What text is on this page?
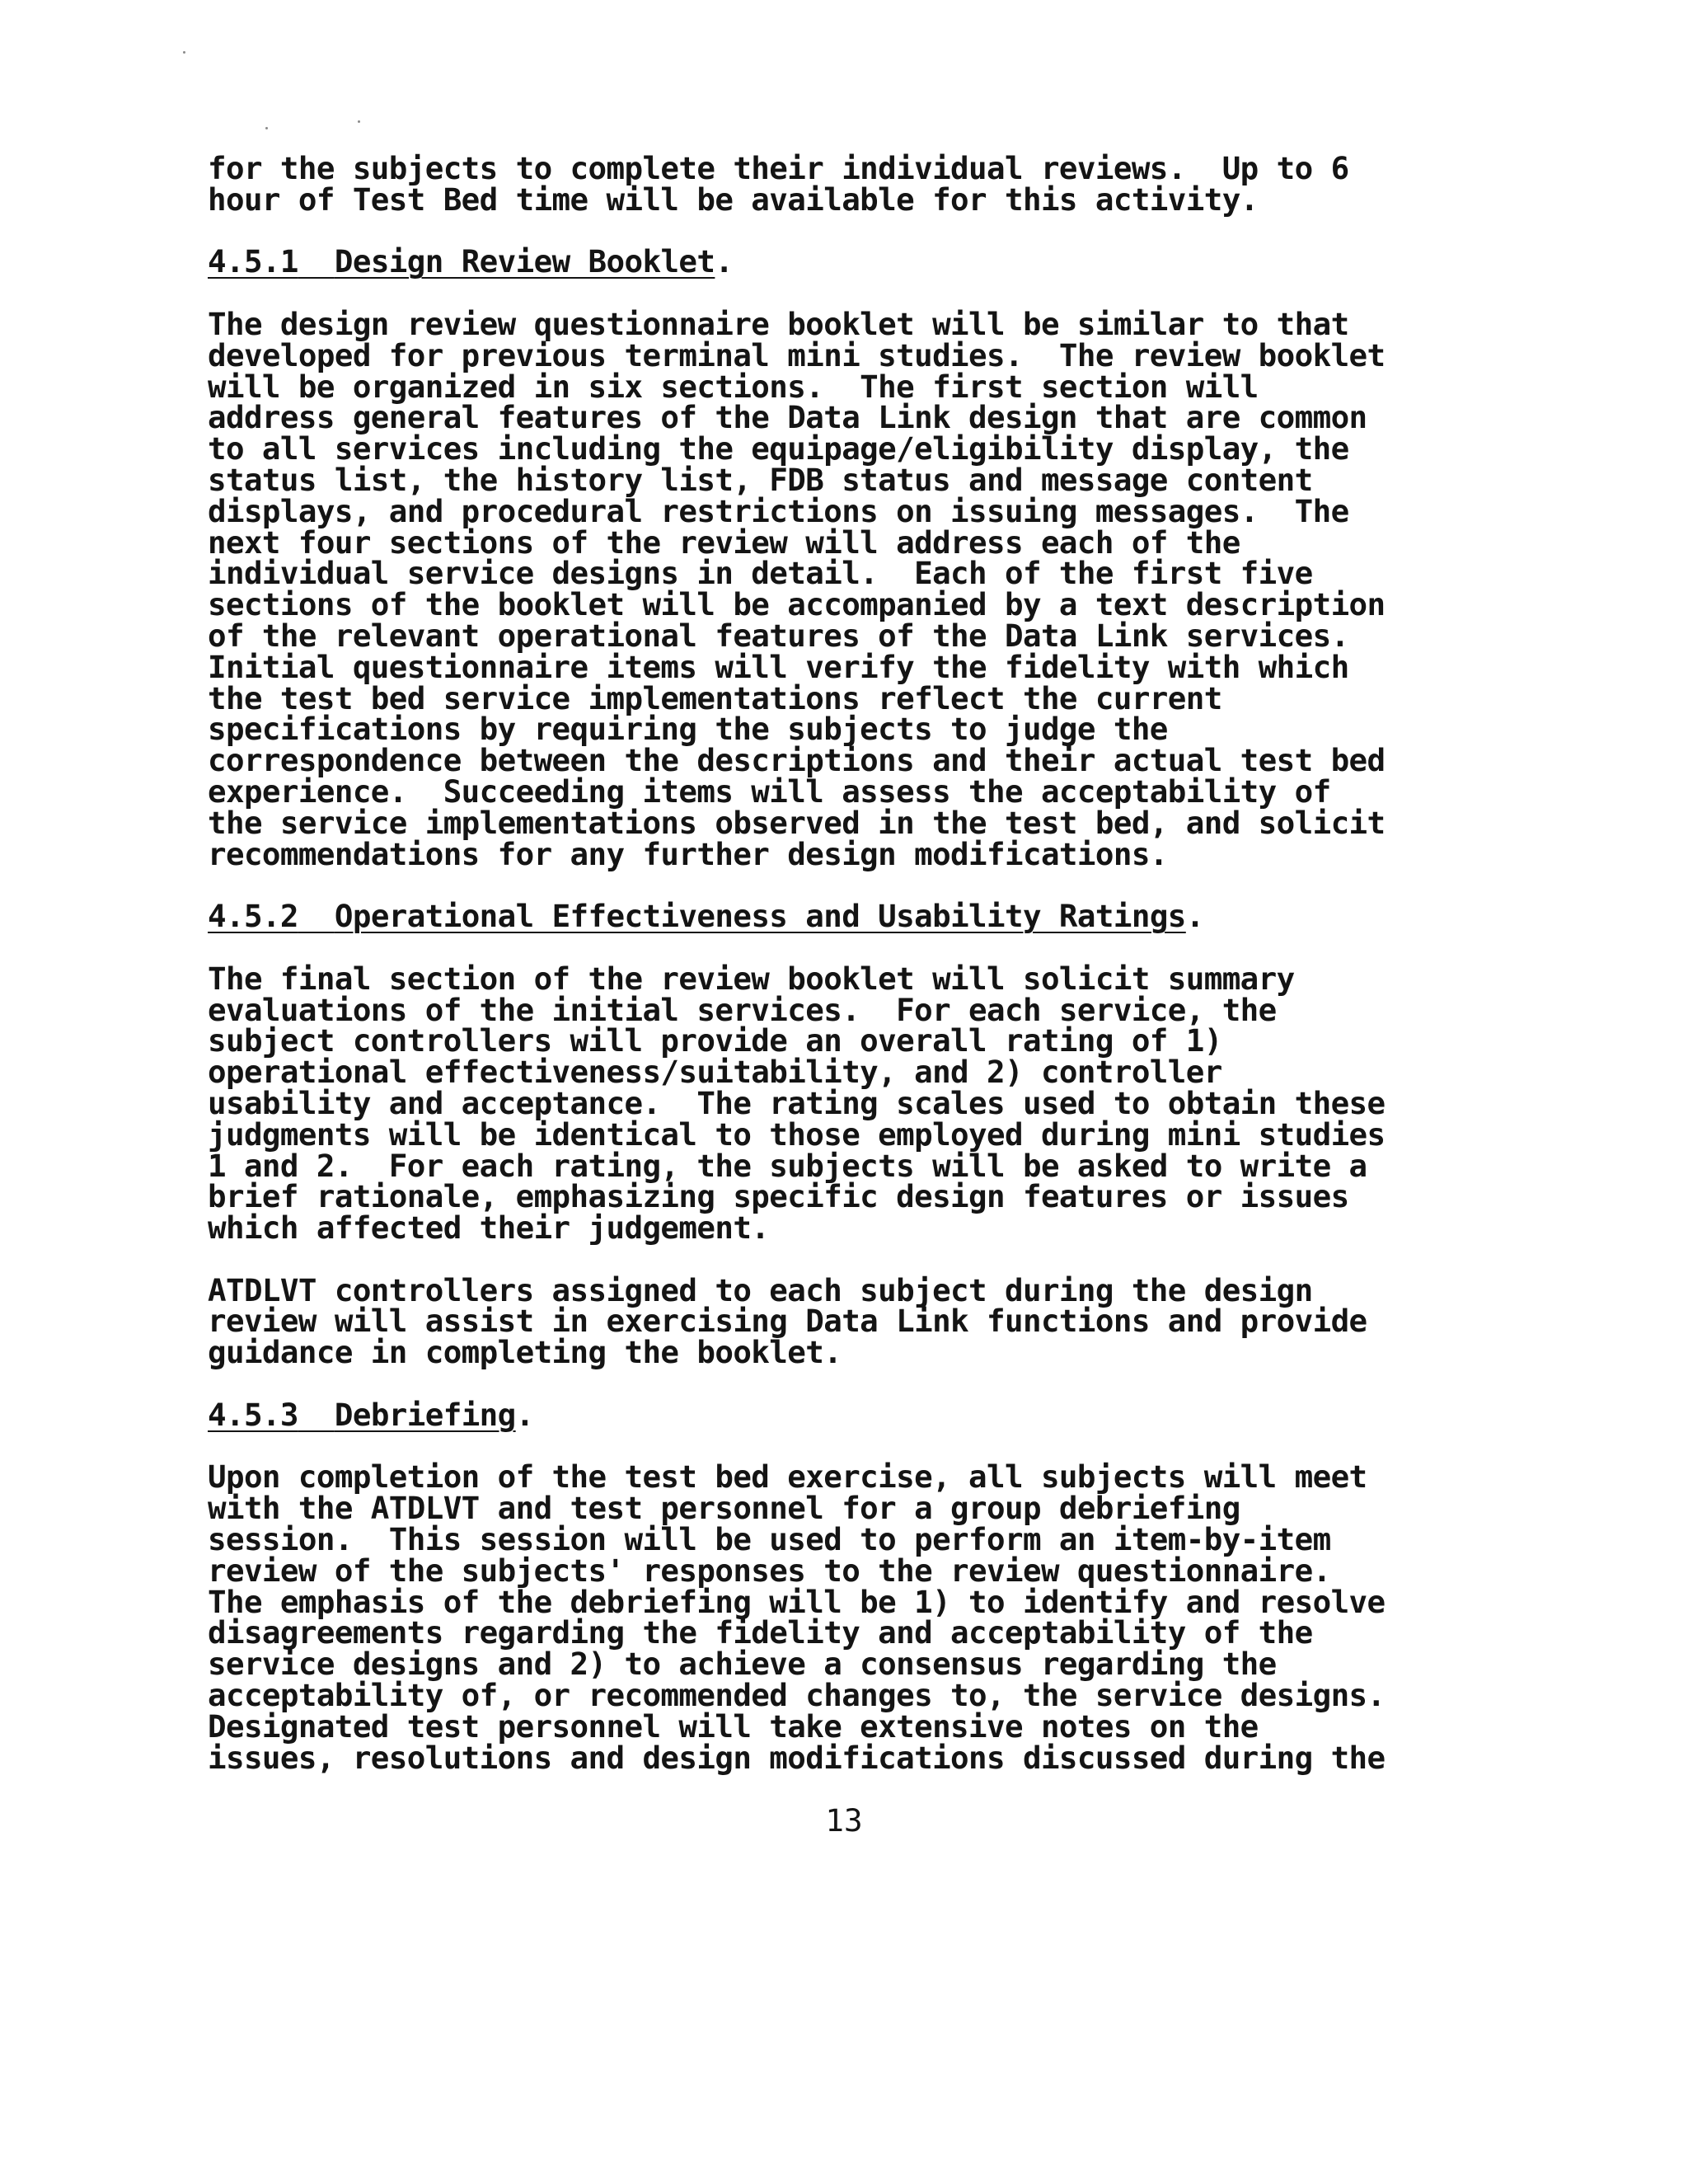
for the subjects to complete their individual reviews.  Up to 6
hour of Test Bed time will be available for this activity.
4.5.1 Design Review Booklet.
The design review questionnaire booklet will be similar to that
developed for previous terminal mini studies.  The review booklet
will be organized in six sections.  The first section will
address general features of the Data Link design that are common
to all services including the equipage/eligibility display, the
status list, the history list, FDB status and message content
displays, and procedural restrictions on issuing messages.  The
next four sections of the review will address each of the
individual service designs in detail.  Each of the first five
sections of the booklet will be accompanied by a text description
of the relevant operational features of the Data Link services.
Initial questionnaire items will verify the fidelity with which
the test bed service implementations reflect the current
specifications by requiring the subjects to judge the
correspondence between the descriptions and their actual test bed
experience.  Succeeding items will assess the acceptability of
the service implementations observed in the test bed, and solicit
recommendations for any further design modifications.
4.5.2 Operational Effectiveness and Usability Ratings.
The final section of the review booklet will solicit summary
evaluations of the initial services.  For each service, the
subject controllers will provide an overall rating of 1)
operational effectiveness/suitability, and 2) controller
usability and acceptance.  The rating scales used to obtain these
judgments will be identical to those employed during mini studies
1 and 2.  For each rating, the subjects will be asked to write a
brief rationale, emphasizing specific design features or issues
which affected their judgement.
ATDLVT controllers assigned to each subject during the design
review will assist in exercising Data Link functions and provide
guidance in completing the booklet.
4.5.3 Debriefing.
Upon completion of the test bed exercise, all subjects will meet
with the ATDLVT and test personnel for a group debriefing
session.  This session will be used to perform an item-by-item
review of the subjects' responses to the review questionnaire.
The emphasis of the debriefing will be 1) to identify and resolve
disagreements regarding the fidelity and acceptability of the
service designs and 2) to achieve a consensus regarding the
acceptability of, or recommended changes to, the service designs.
Designated test personnel will take extensive notes on the
issues, resolutions and design modifications discussed during the
13
